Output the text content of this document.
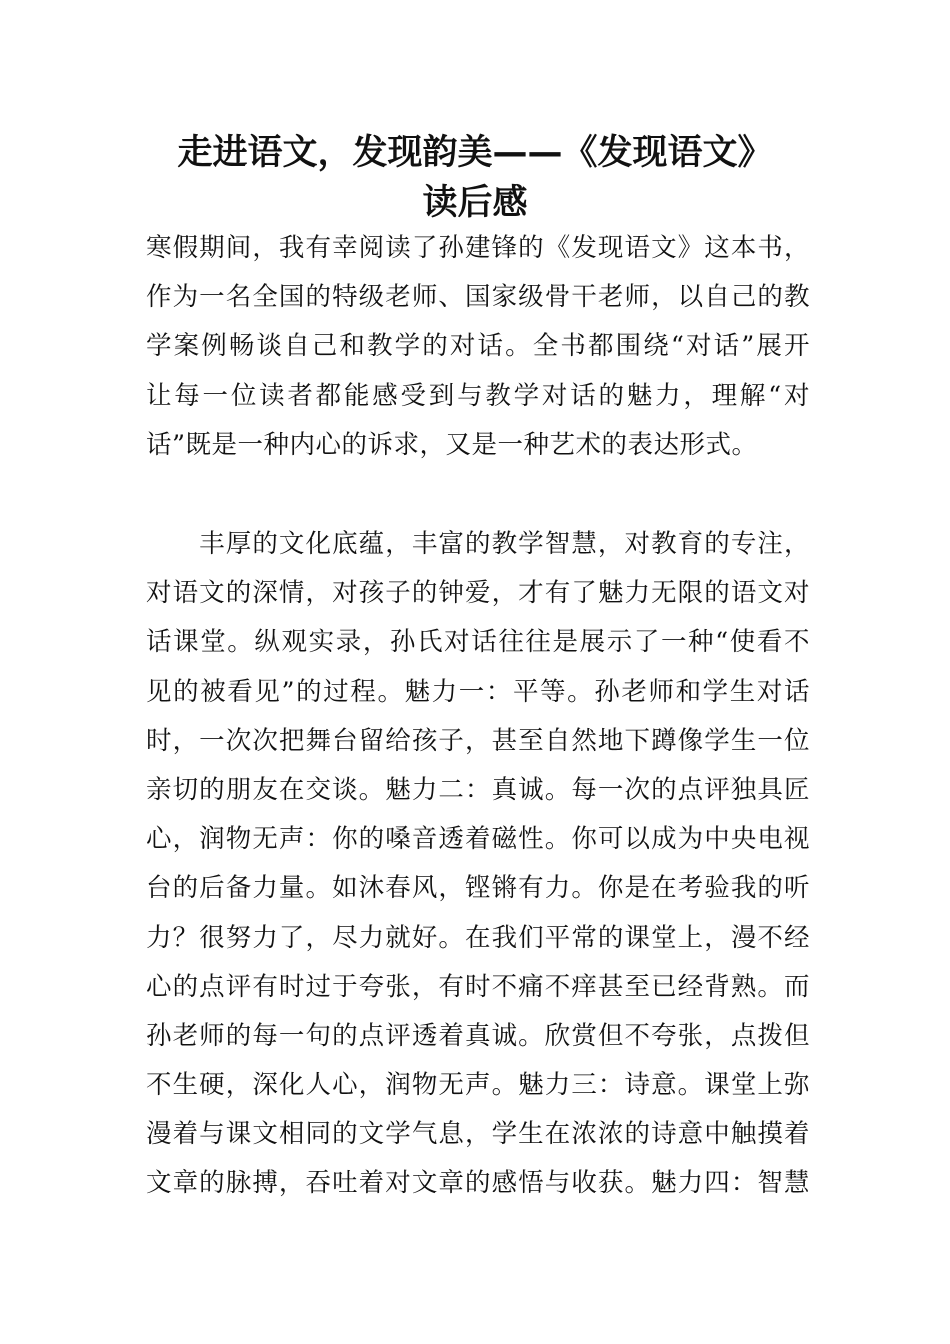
走进语文，发现韵美——《发现语文》
读后感
寒假期间，我有幸阅读了孙建锋的《发现语文》这本书，
作为一名全国的特级老师、国家级骨干老师，以自己的教
学案例畅谈自己和教学的对话。全书都围绕“对话”展开
让每一位读者都能感受到与教学对话的魅力，理解“对
话”既是一种内心的诉求，又是一种艺术的表达形式。
　　丰厚的文化底蕴，丰富的教学智慧，对教育的专注，
对语文的深情，对孩子的钟爱，才有了魅力无限的语文对
话课堂。纵观实录，孙氏对话往往是展示了一种“使看不
见的被看见”的过程。魅力一：平等。孙老师和学生对话
时，一次次把舞台留给孩子，甚至自然地下蹲像学生一位
亲切的朋友在交谈。魅力二：真诚。每一次的点评独具匠
心，润物无声：你的嗓音透着磁性。你可以成为中央电视
台的后备力量。如沐春风，铿锵有力。你是在考验我的听
力？很努力了，尽力就好。在我们平常的课堂上，漫不经
心的点评有时过于夸张，有时不痛不痒甚至已经背熟。而
孙老师的每一句的点评透着真诚。欣赏但不夸张，点拨但
不生硬，深化人心，润物无声。魅力三：诗意。课堂上弥
漫着与课文相同的文学气息，学生在浓浓的诗意中触摸着
文章的脉搏，吞吐着对文章的感悟与收获。魅力四：智慧
